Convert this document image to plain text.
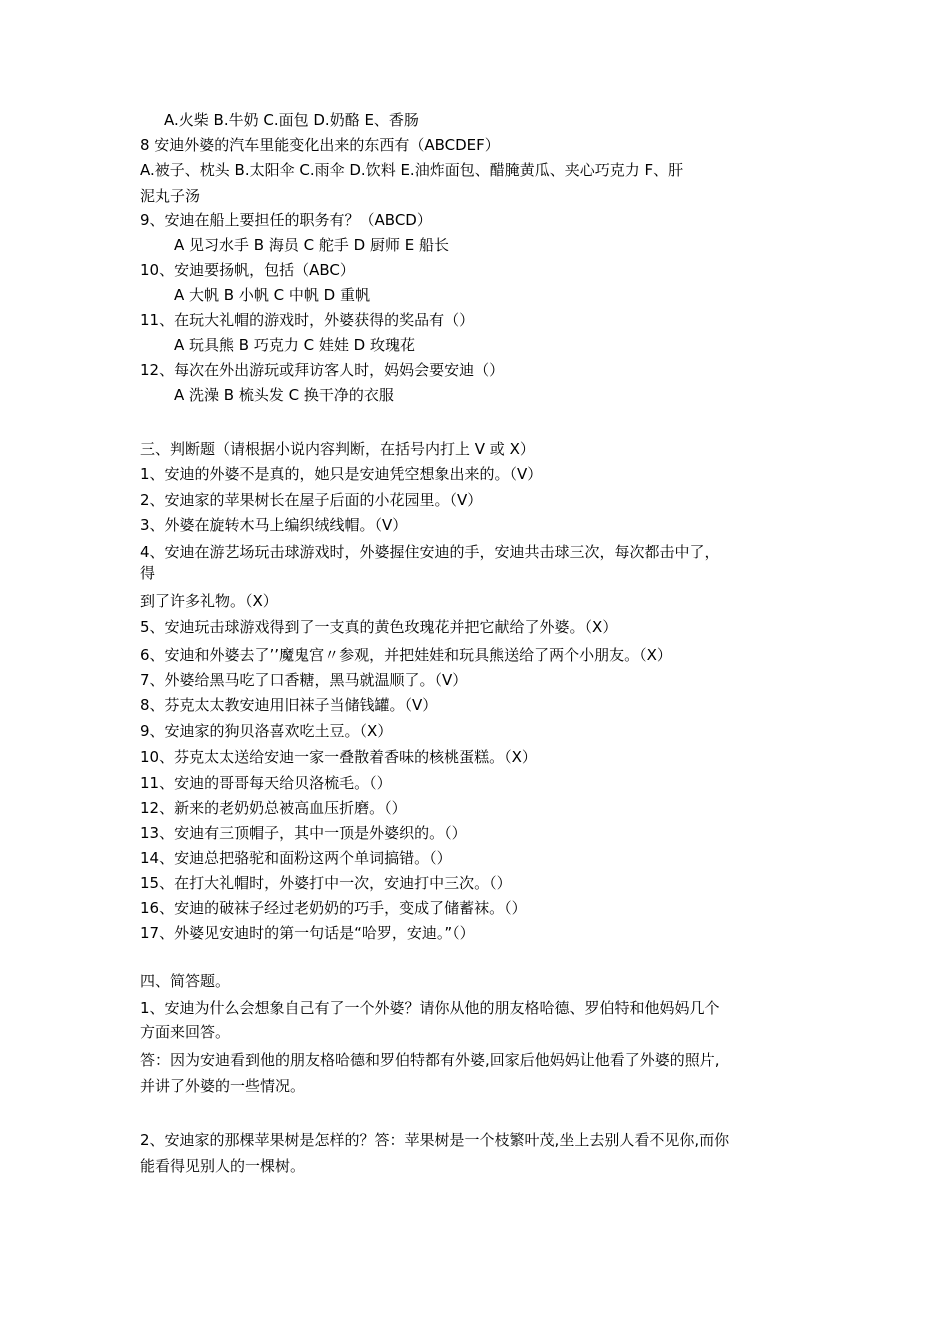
A.火柴 B.牛奶 C.面包 D.奶酪 E、香肠
8 安迪外婆的汽车里能变化出来的东西有（ABCDEF）
A.被子、枕头 B.太阳伞 C.雨伞 D.饮料 E.油炸面包、醋腌黄瓜、夹心巧克力 F、肝
泥丸子汤
9、安迪在船上要担任的职务有？（ABCD）
A 见习水手 B 海员 C 舵手 D 厨师 E 船长
10、安迪要扬帆，包括（ABC）
A 大帆 B 小帆 C 中帆 D 重帆
11、在玩大礼帽的游戏时，外婆获得的奖品有（）
A 玩具熊 B 巧克力 C 娃娃 D 玫瑰花
12、每次在外出游玩或拜访客人时，妈妈会要安迪（）
A 洗澡 B 梳头发 C 换干净的衣服
三、判断题（请根据小说内容判断，在括号内打上 V 或 X）
1、安迪的外婆不是真的，她只是安迪凭空想象出来的。（V）
2、安迪家的苹果树长在屋子后面的小花园里。（V）
3、外婆在旋转木马上编织绒线帽。（V）
4、安迪在游艺场玩击球游戏时，外婆握住安迪的手，安迪共击球三次，每次都击中了，
得
到了许多礼物。（X）
5、安迪玩击球游戏得到了一支真的黄色玫瑰花并把它献给了外婆。（X）
6、安迪和外婆去了’’魔鬼宫〃参观，并把娃娃和玩具熊送给了两个小朋友。（X）
7、外婆给黑马吃了口香糖，黑马就温顺了。（V）
8、芬克太太教安迪用旧袜子当储钱罐。（V）
9、安迪家的狗贝洛喜欢吃土豆。（X）
10、芬克太太送给安迪一家一叠散着香味的核桃蛋糕。（X）
11、安迪的哥哥每天给贝洛梳毛。（）
12、新来的老奶奶总被高血压折磨。（）
13、安迪有三顶帽子，其中一顶是外婆织的。（）
14、安迪总把骆驼和面粉这两个单词搞错。（）
15、在打大礼帽时，外婆打中一次，安迪打中三次。（）
16、安迪的破袜子经过老奶奶的巧手，变成了储蓄袜。（）
17、外婆见安迪时的第一句话是“哈罗，安迪。”（）
四、简答题。
1、安迪为什么会想象自己有了一个外婆？请你从他的朋友格哈德、罗伯特和他妈妈几个
方面来回答。
答：因为安迪看到他的朋友格哈德和罗伯特都有外婆,回家后他妈妈让他看了外婆的照片,
并讲了外婆的一些情况。
2、安迪家的那棵苹果树是怎样的？答：苹果树是一个枝繁叶茂,坐上去别人看不见你,而你
能看得见别人的一棵树。
